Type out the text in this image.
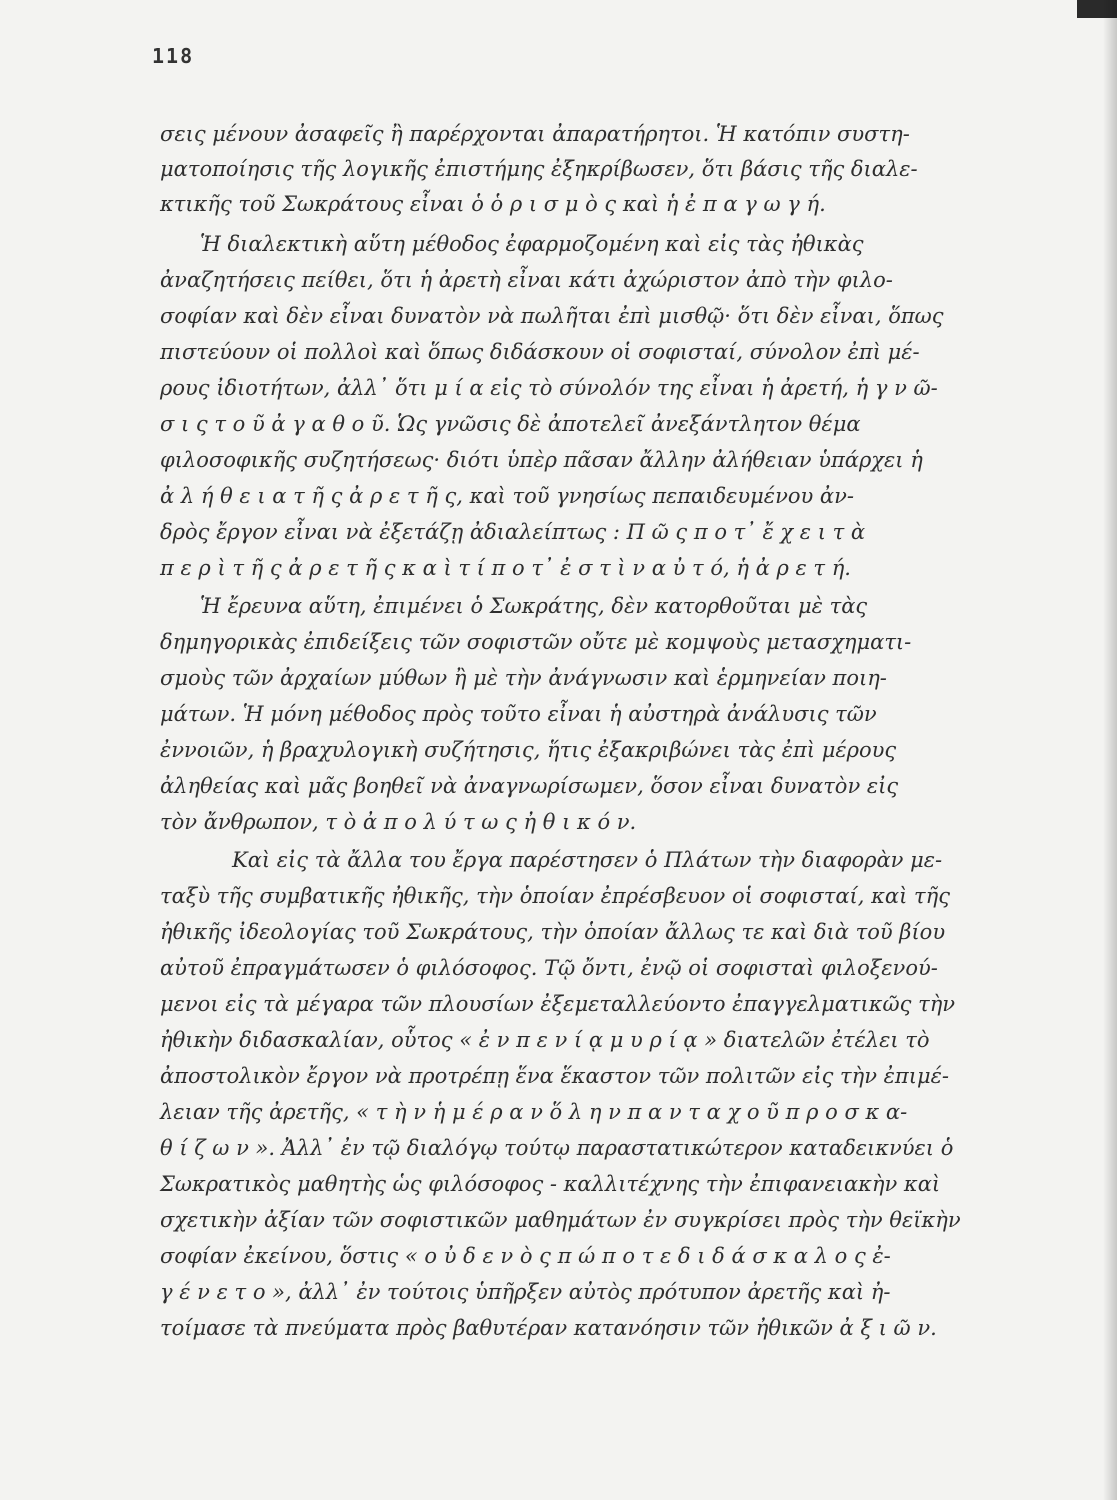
118
σεις μένουν ἀσαφεῖς ἢ παρέρχονται ἀπαρατήρητοι. Ἡ κατόπιν συστη-
ματοποίησις τῆς λογικῆς ἐπιστήμης ἐξηκρίβωσεν, ὅτι βάσις τῆς διαλε-
κτικῆς τοῦ Σωκράτους εἶναι ὁ ὁ ρ ι σ μ ὸ ς καὶ ἡ ἐ π α γ ω γ ή.
Ἡ διαλεκτικὴ αὕτη μέθοδος ἐφαρμοζομένη καὶ εἰς τὰς ἠθικὰς
ἀναζητήσεις πείθει, ὅτι ἡ ἀρετὴ εἶναι κάτι ἀχώριστον ἀπὸ τὴν φιλο-
σοφίαν καὶ δὲν εἶναι δυνατὸν νὰ πωλῆται ἐπὶ μισθῷ· ὅτι δὲν εἶναι, ὅπως
πιστεύουν οἱ πολλοὶ καὶ ὅπως διδάσκουν οἱ σοφισταί, σύνολον ἐπὶ μέ-
ρους ἰδιοτήτων, ἀλλ᾽ ὅτι μ ί α εἰς τὸ σύνολόν της εἶναι ἡ ἀρετή, ἡ γ ν ῶ-
σ ι ς τ ο ῦ ἀ γ α θ ο ῦ. Ὡς γνῶσις δὲ ἀποτελεῖ ἀνεξάντλητον θέμα
φιλοσοφικῆς συζητήσεως· διότι ὑπὲρ πᾶσαν ἄλλην ἀλήθειαν ὑπάρχει ἡ
ἀ λ ή θ ε ι α τ ῆ ς ἀ ρ ε τ ῆ ς, καὶ τοῦ γνησίως πεπαιδευμένου ἀν-
δρὸς ἔργον εἶναι νὰ ἐξετάζῃ ἀδιαλείπτως : Π ῶ ς π ο τ᾽ ἔ χ ε ι τ ὰ
π ε ρ ὶ τ ῆ ς ἀ ρ ε τ ῆ ς κ α ὶ τ ί π ο τ᾽ ἐ σ τ ὶ ν α ὐ τ ό, ἡ ἀ ρ ε τ ή.
Ἡ ἔρευνα αὕτη, ἐπιμένει ὁ Σωκράτης, δὲν κατορθοῦται μὲ τὰς
δημηγορικὰς ἐπιδείξεις τῶν σοφιστῶν οὔτε μὲ κομψοὺς μετασχηματι-
σμοὺς τῶν ἀρχαίων μύθων ἢ μὲ τὴν ἀνάγνωσιν καὶ ἑρμηνείαν ποιη-
μάτων. Ἡ μόνη μέθοδος πρὸς τοῦτο εἶναι ἡ αὐστηρὰ ἀνάλυσις τῶν
ἐννοιῶν, ἡ βραχυλογικὴ συζήτησις, ἥτις ἐξακριβώνει τὰς ἐπὶ μέρους
ἀληθείας καὶ μᾶς βοηθεῖ νὰ ἀναγνωρίσωμεν, ὅσον εἶναι δυνατὸν εἰς
τὸν ἄνθρωπον, τ ὸ ἀ π ο λ ύ τ ω ς ἠ θ ι κ ό ν.
Καὶ εἰς τὰ ἄλλα του ἔργα παρέστησεν ὁ Πλάτων τὴν διαφορὰν με-
ταξὺ τῆς συμβατικῆς ἠθικῆς, τὴν ὁποίαν ἐπρέσβευον οἱ σοφισταί, καὶ τῆς
ἠθικῆς ἰδεολογίας τοῦ Σωκράτους, τὴν ὁποίαν ἄλλως τε καὶ διὰ τοῦ βίου
αὐτοῦ ἐπραγμάτωσεν ὁ φιλόσοφος. Τῷ ὄντι, ἐνῷ οἱ σοφισταὶ φιλοξενού-
μενοι εἰς τὰ μέγαρα τῶν πλουσίων ἐξεμεταλλεύοντο ἐπαγγελματικῶς τὴν
ἠθικὴν διδασκαλίαν, οὗτος « ἐ ν π ε ν ί ᾳ μ υ ρ ί ᾳ » διατελῶν ἐτέλει τὸ
ἀποστολικὸν ἔργον νὰ προτρέπῃ ἕνα ἕκαστον τῶν πολιτῶν εἰς τὴν ἐπιμέ-
λειαν τῆς ἀρετῆς, « τ ὴ ν ἡ μ έ ρ α ν ὅ λ η ν π α ν τ α χ ο ῦ π ρ ο σ κ α-
θ ί ζ ω ν ». Ἀλλ᾽ ἐν τῷ διαλόγῳ τούτῳ παραστατικώτερον καταδεικνύει ὁ
Σωκρατικὸς μαθητὴς ὡς φιλόσοφος - καλλιτέχνης τὴν ἐπιφανειακὴν καὶ
σχετικὴν ἀξίαν τῶν σοφιστικῶν μαθημάτων ἐν συγκρίσει πρὸς τὴν θεϊκὴν
σοφίαν ἐκείνου, ὅστις « ο ὐ δ ε ν ὸ ς π ώ π ο τ ε δ ι δ ά σ κ α λ ο ς ἐ-
γ έ ν ε τ ο », ἀλλ᾽ ἐν τούτοις ὑπῆρξεν αὐτὸς πρότυπον ἀρετῆς καὶ ἠ-
τοίμασε τὰ πνεύματα πρὸς βαθυτέραν κατανόησιν τῶν ἠθικῶν ἀ ξ ι ῶ ν.
